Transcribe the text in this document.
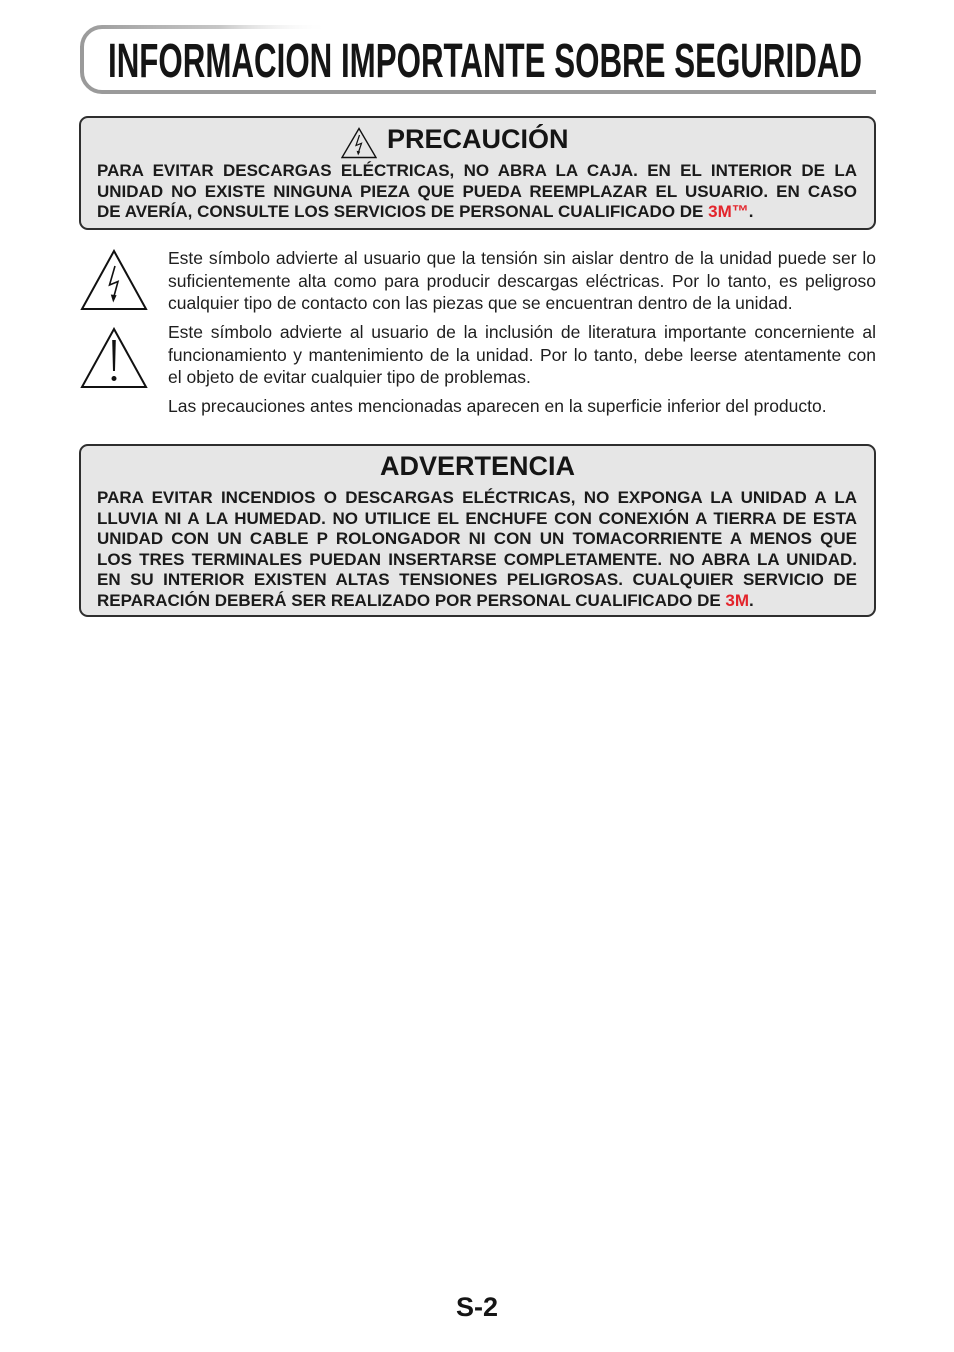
INFORMACION IMPORTANTE SOBRE SEGURIDAD
PRECAUCIÓN
PARA EVITAR DESCARGAS ELÉCTRICAS, NO ABRA LA CAJA. EN EL INTERIOR DE LA
UNIDAD NO EXISTE NINGUNA PIEZA QUE PUEDA REEMPLAZAR EL USUARIO. EN CASO
DE AVERÍA, CONSULTE LOS SERVICIOS DE PERSONAL CUALIFICADO DE 3M™.
Este símbolo advierte al usuario que la tensión sin aislar dentro de la unidad puede ser lo
suficientemente alta como para producir descargas eléctricas. Por lo tanto, es peligroso
cualquier tipo de contacto con las piezas que se encuentran dentro de la unidad.
Este símbolo advierte al usuario de la inclusión de literatura importante concerniente al
funcionamiento y mantenimiento de la unidad. Por lo tanto, debe leerse atentamente con
el objeto de evitar cualquier tipo de problemas.
Las precauciones antes mencionadas aparecen en la superficie inferior del producto.
ADVERTENCIA
PARA EVITAR INCENDIOS O DESCARGAS ELÉCTRICAS, NO EXPONGA LA UNIDAD A LA
LLUVIA NI A LA HUMEDAD. NO UTILICE EL ENCHUFE CON CONEXIÓN A TIERRA DE ESTA
UNIDAD CON UN CABLE P ROLONGADOR NI CON UN TOMACORRIENTE A MENOS QUE
LOS TRES TERMINALES PUEDAN INSERTARSE COMPLETAMENTE. NO ABRA LA UNIDAD.
EN SU INTERIOR EXISTEN ALTAS TENSIONES PELIGROSAS. CUALQUIER SERVICIO DE
REPARACIÓN DEBERÁ SER REALIZADO POR PERSONAL CUALIFICADO DE 3M.
S-2
